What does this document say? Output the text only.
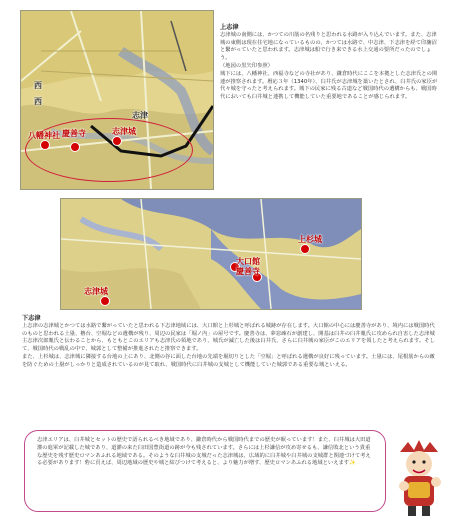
八幡神社 慶善寺	志津城
西
西
志津
上志津
志津城の南側には、かつての川筋の名残りと思われる水路が入り込んでいます。また、志津城の東側は現在住宅地になっているものの、かつては水路で、中志津、下志津を経て印旛沼と繋がっていたと思われます。志津城は船で行き来できる水上交通の要所だったのでしょう。
（地図の黒矢印参照）
城下には、八幡神社、西福寺などの寺社があり、鎌倉時代にここを本拠とした志津氏との関連が推察されます。暦応３年（1340年）、臼井氏が志津城を築いたとされ、臼井氏の家臣が代々城を守ったと考えられます。城下の民家に残る古道など戦国時代の遺構からも、戦国時代においても臼井城と連携して機能していた重要地であることが感じられます。
上杉城
大口館
慶善寺
志津城
下志津
上志津の志津城とかつては水路で繋がっていたと思われる下志津地域には、大口館と上杉城と呼ばれる城跡が存在します。大口館の中心には慶善寺があり、境内には戦国時代のものと思われる土塁、櫓台、空堀などの遺構が残り、周辺の民家は「堀ノ内」の屋号です。慶善寺は、夢窓疎石が創建し、開基は臼井の臼井胤氏に攻められ自害した志津城主志津次郎胤氏と伝わることから、もともとこのエリアも志津氏の領地であり、城氏が滅亡した後は臼井氏、さらに臼井城の家臣がこのエリアを領したと考えられます。そして、戦国時代の戦乱の中で、城郭として整備が推進されたと推察できます。
また、上杉城は、志津城に隣接する台地の上にあり、北側の谷に面した台地の先端を堀切りとした「空堀」と呼ばれる遺構が良好に残っています。土塁には、尾根筋からの敵を防ぐための土塁がしっかりと造成されているのが見て取れ、戦国時代に臼井城の支城として機能していた城郭である重要な城といえる。
志津エリアは、臼井城とセットの歴史で語られるべき地域であり、鎌倉時代から戦国時代までの歴史が眠っています！また、臼井城は大田道灌の進軍が記載した城であり、道灌の来た臼田国豊街道の跡が今も残されています。さらには上杉謙信が攻め寄せるも、謙信敗北という貴重な歴史を残す歴史ロマンあふれる地域である。そのような臼井城の支城だった志津城は、広域的に臼井城や臼井城の支城群と関連づけて考える必要があります！砦に貢えば、周辺地域の歴史や城と結びつけて考えると、より魅力が増す、歴史ロマンあふれる地域といえます✨
